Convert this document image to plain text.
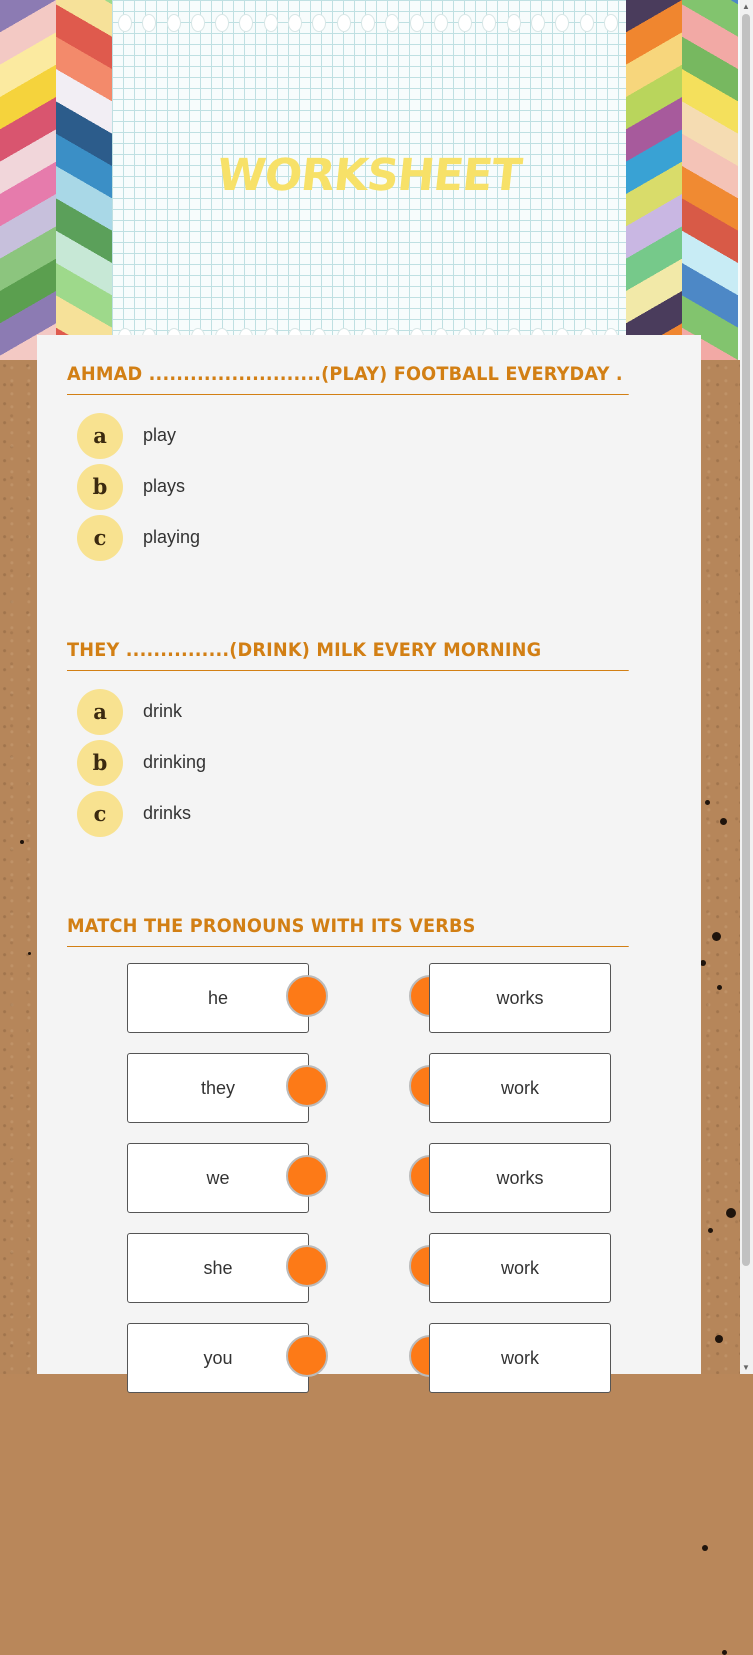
WORKSHEET
AHMAD .........................(PLAY) FOOTBALL EVERYDAY .
a	play
b	plays
c	playing
THEY ...............(DRINK) MILK EVERY MORNING
a	drink
b	drinking
c	drinks
MATCH THE PRONOUNS WITH ITS VERBS
he	works
they	work
we	works
she	work
you	work
▲
▼
